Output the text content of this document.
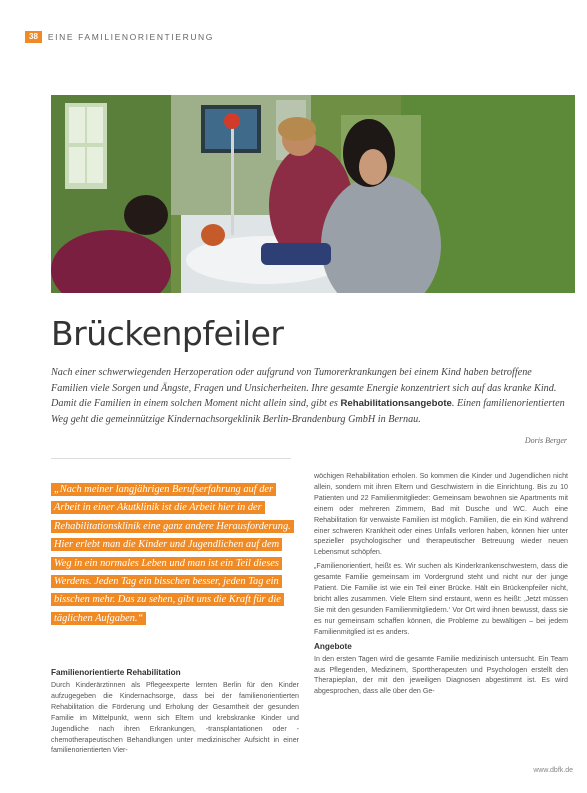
38	EINE FAMILIENORIENTIERUNG
Brückenpfeiler
Nach einer schwerwiegenden Herzoperation oder aufgrund von Tumorerkrankungen bei einem Kind haben betroffene Familien viele Sorgen und Ängste, Fragen und Unsicherheiten. Ihre gesamte Energie konzentriert sich auf das kranke Kind. Damit die Familien in einem solchen Moment nicht allein sind, gibt es Rehabilitationsangebote. Einen familienorientierten Weg geht die gemeinnützige Kindernachsorgeklinik Berlin-Brandenburg GmbH in Bernau.
Doris Berger
„Nach meiner langjährigen Berufserfahrung auf der Arbeit in einer Akutklinik ist die Arbeit hier in der Rehabilitationsklinik eine ganz andere Herausforderung. Hier erlebt man die Kinder und Jugendlichen auf dem Weg in ein normales Leben und man ist ein Teil dieses Werdens. Jeden Tag ein bisschen besser, jeden Tag ein bisschen mehr. Das zu sehen, gibt uns die Kraft für die täglichen Aufgaben.“
Familienorientierte Rehabilitation

Durch Kinderärztinnen als Pflegeexperte lernten Berlin für den Kinder aufzugegeben die Kindernachsorge, dass bei der familienorientierten Rehabilitation die Förderung und Erholung der Gesamtheit der gesunden Familie im Mittelpunkt, wenn sich Eltern und krebskranke Kinder und Jugendliche nach ihren Erkrankungen, -transplantationen oder -chemotherapeutischen Behandlungen unter medizinischer Aufsicht in einer familienorientierten Vier-

wöchigen Rehabilitation erholen. So kommen die Kinder und Jugendlichen nicht allein, sondern mit ihren Eltern und Geschwistern in die Einrichtung. Bis zu 10 Patienten und 22 Familienmitglieder: Gemeinsam bewohnen sie Apartments mit einem oder mehreren Zimmern, Bad mit Dusche und WC. Auch eine Rehabilitation für verwaiste Familien ist möglich. Familien, die ein Kind während einer schweren Krankheit oder eines Unfalls verloren haben, können hier unter spezieller psychologischer und therapeutischer Betreuung wieder neuen Lebensmut schöpfen.

„Familienorientiert, heißt es. Wir suchen als Kinderkrankenschwestern, dass die gesamte Familie gemeinsam im Vordergrund steht und nicht nur der junge Patient. Die Familie ist wie ein Teil einer Brücke. Hält ein Brückenpfeiler nicht, bricht alles zusammen. Viele Eltern sind erstaunt, wenn es heißt: ‚Jetzt müssen Sie mit den gesunden Familienmitgliedern.‘ Vor Ort wird ihnen bewusst, dass sie es nur gemeinsam schaffen können, die Probleme zu bewältigen – bei jedem Familienmitglied ist es anders.

Angebote

In den ersten Tagen wird die gesamte Familie medizinisch untersucht. Ein Team aus Pflegenden, Medizinern, Sporttherapeuten und Psychologen erstellt den Therapieplan, der mit den jeweiligen Diagnosen abgestimmt ist. Es wird abgesprochen, dass alle über den Ge-

www.dbfk.de
